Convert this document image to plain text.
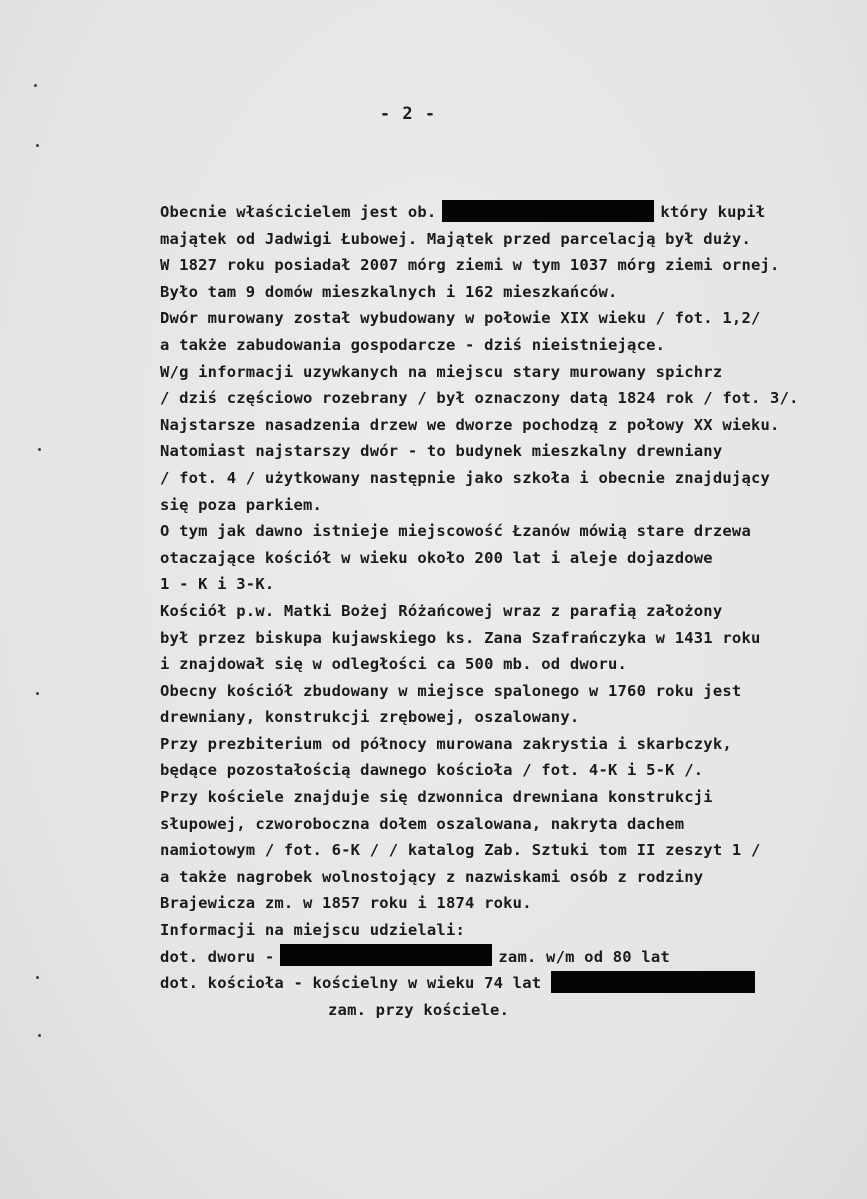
- 2 -
Obecnie właścicielem jest ob.	który kupił
majątek od Jadwigi Łubowej. Majątek przed parcelacją był duży.
W 1827 roku posiadał 2007 mórg ziemi w tym 1037 mórg ziemi ornej.
Było tam 9 domów mieszkalnych i 162 mieszkańców.
Dwór murowany został wybudowany w połowie XIX wieku / fot. 1,2/
a także zabudowania gospodarcze - dziś nieistniejące.
W/g informacji uzywkanych na miejscu stary murowany spichrz
/ dziś częściowo rozebrany / był oznaczony datą 1824 rok / fot. 3/.
Najstarsze nasadzenia drzew we dworze pochodzą z połowy XX wieku.
Natomiast najstarszy dwór - to budynek mieszkalny drewniany
/ fot. 4 / użytkowany następnie jako szkoła i obecnie znajdujący
się poza parkiem.
O tym jak dawno istnieje miejscowość Łzanów mówią stare drzewa
otaczające kościół w wieku około 200 lat i aleje dojazdowe
1 - K i 3-K.
Kościół p.w. Matki Bożej Różańcowej wraz z parafią założony
był przez biskupa kujawskiego ks. Zana Szafrańczyka w 1431 roku
i znajdował się w odległości ca 500 mb. od dworu.
Obecny kościół zbudowany w miejsce spalonego w 1760 roku jest
drewniany, konstrukcji zrębowej, oszalowany.
Przy prezbiterium od północy murowana zakrystia i skarbczyk,
będące pozostałością dawnego kościoła / fot. 4-K i 5-K /.
Przy kościele znajduje się dzwonnica drewniana konstrukcji
słupowej, czworoboczna dołem oszalowana, nakryta dachem
namiotowym / fot. 6-K / / katalog Zab. Sztuki tom II zeszyt 1 /
a także nagrobek wolnostojący z nazwiskami osób z rodziny
Brajewicza zm. w 1857 roku i 1874 roku.
Informacji na miejscu udzielali:
dot. dworu -	zam. w/m od 80 lat
dot. kościoła - kościelny w wieku 74 lat
zam. przy kościele.
